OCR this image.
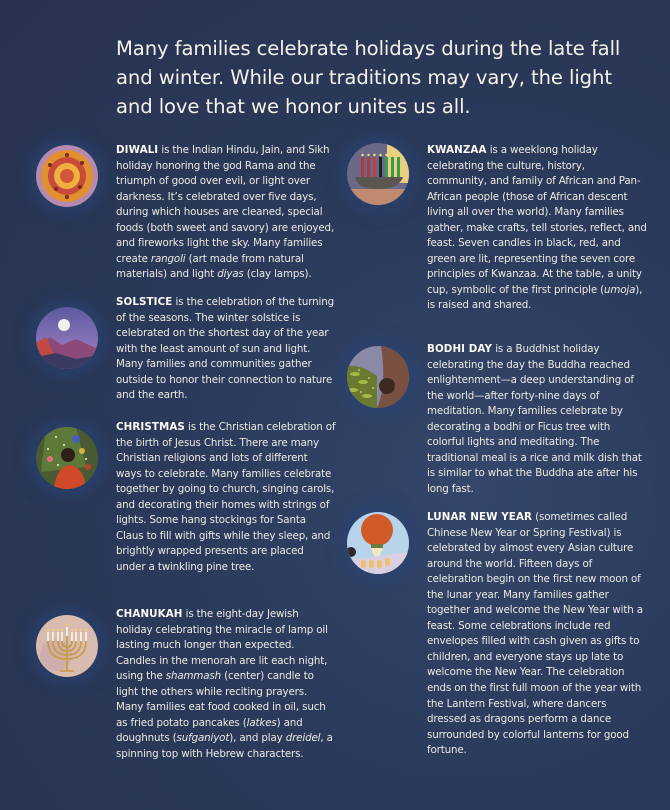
Many families celebrate holidays during the late fall and winter. While our traditions may vary, the light and love that we honor unites us all.
DIWALI is the Indian Hindu, Jain, and Sikh holiday honoring the god Rama and the triumph of good over evil, or light over darkness. It’s celebrated over five days, during which houses are cleaned, special foods (both sweet and savory) are enjoyed, and fireworks light the sky. Many families create rangoli (art made from natural materials) and light diyas (clay lamps).
SOLSTICE is the celebration of the turning of the seasons. The winter solstice is celebrated on the shortest day of the year with the least amount of sun and light. Many families and communities gather outside to honor their connection to nature and the earth.
CHRISTMAS is the Christian celebration of the birth of Jesus Christ. There are many Christian religions and lots of different ways to celebrate. Many families celebrate together by going to church, singing carols, and decorating their homes with strings of lights. Some hang stockings for Santa Claus to fill with gifts while they sleep, and brightly wrapped presents are placed under a twinkling pine tree.
CHANUKAH is the eight-day Jewish holiday celebrating the miracle of lamp oil lasting much longer than expected. Candles in the menorah are lit each night, using the shammash (center) candle to light the others while reciting prayers. Many families eat food cooked in oil, such as fried potato pancakes (latkes) and doughnuts (sufganiyot), and play dreidel, a spinning top with Hebrew characters.
KWANZAA is a weeklong holiday celebrating the culture, history, community, and family of African and Pan-African people (those of African descent living all over the world). Many families gather, make crafts, tell stories, reflect, and feast. Seven candles in black, red, and green are lit, representing the seven core principles of Kwanzaa. At the table, a unity cup, symbolic of the first principle (umoja), is raised and shared.
BODHI DAY is a Buddhist holiday celebrating the day the Buddha reached enlightenment—a deep understanding of the world—after forty-nine days of meditation. Many families celebrate by decorating a bodhi or Ficus tree with colorful lights and meditating. The traditional meal is a rice and milk dish that is similar to what the Buddha ate after his long fast.
LUNAR NEW YEAR (sometimes called Chinese New Year or Spring Festival) is celebrated by almost every Asian culture around the world. Fifteen days of celebration begin on the first new moon of the lunar year. Many families gather together and welcome the New Year with a feast. Some celebrations include red envelopes filled with cash given as gifts to children, and everyone stays up late to welcome the New Year. The celebration ends on the first full moon of the year with the Lantern Festival, where dancers dressed as dragons perform a dance surrounded by colorful lanterns for good fortune.
